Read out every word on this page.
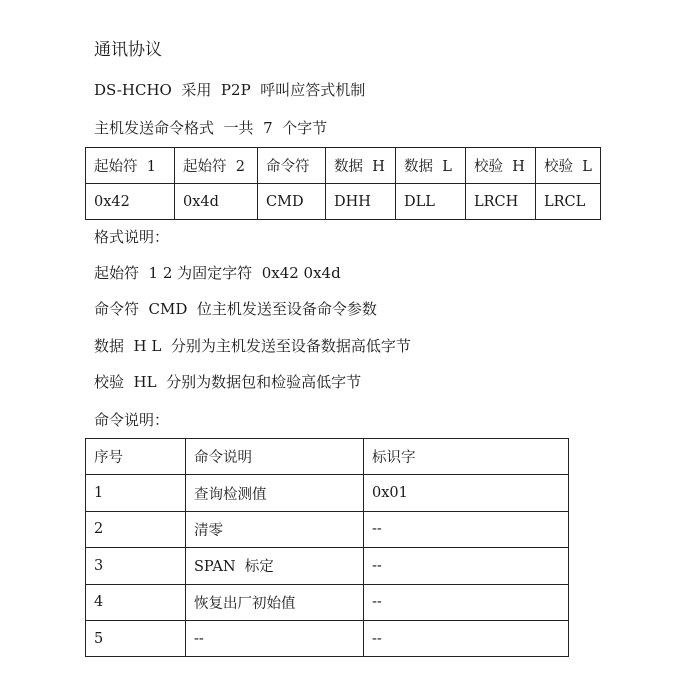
通讯协议
DS-HCHO  采用  P2P  呼叫应答式机制
主机发送命令格式  一共  7  个字节
起始符  1	起始符  2	命令符	数据  H	数据  L	校验  H	校验  L
0x42	0x4d	CMD	DHH	DLL	LRCH	LRCL
格式说明：
起始符  1 2 为固定字符  0x42 0x4d
命令符  CMD  位主机发送至设备命令参数
数据  H L  分别为主机发送至设备数据高低字节
校验  HL  分别为数据包和检验高低字节
命令说明：
序号	命令说明	标识字
1	查询检测值	0x01
2	清零	--
3	SPAN  标定	--
4	恢复出厂初始值	--
5	--	--
